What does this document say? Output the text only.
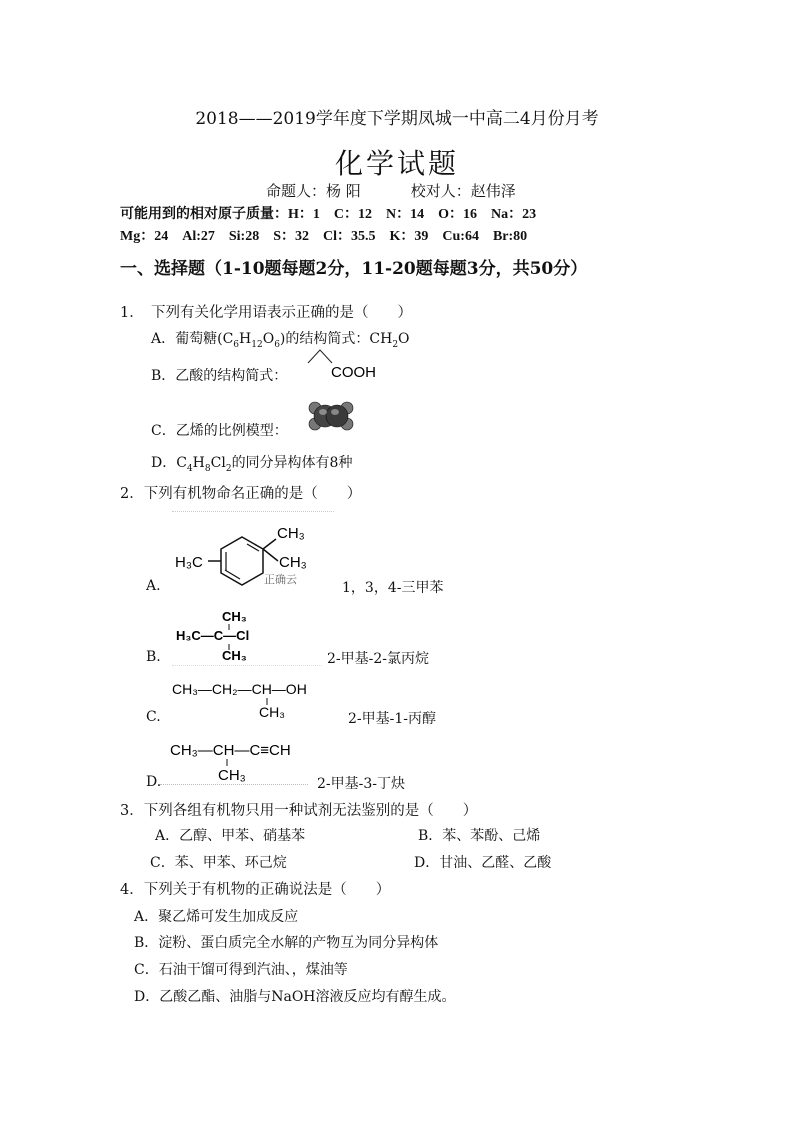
2018——2019学年度下学期凤城一中高二4月份月考
化学试题
命题人：杨 阳	校对人：赵伟泽
可能用到的相对原子质量：H：1　C：12　N：14　O：16　Na：23
Mg：24　Al:27　Si:28　S：32　Cl：35.5　K：39　Cu:64　Br:80
一、选择题（1-10题每题2分，11-20题每题3分，共50分）
1．　下列有关化学用语表示正确的是（　　）
A．葡萄糖$(C_6H_{12}O_6)$的结构简式：$CH_2O$
B．乙酸的结构简式：	COOH
C．乙烯的比例模型：
D．$C_4H_8Cl_2$的同分异构体有8种
2．下列有机物命名正确的是（　　）
H₃C
CH₃
CH₃
正确云
A.	1，3，4-三甲苯
CH₃
H₃C—C—Cl
CH₃
B.	2-甲基-2-氯丙烷
CH₃—CH₂—CH—OH
CH₃
C.	2-甲基-1-丙醇
CH₃—CH—C≡CH
CH₃
D.	2-甲基-3-丁炔
3．下列各组有机物只用一种试剂无法鉴别的是（　　）
A．乙醇、甲苯、硝基苯	B．苯、苯酚、己烯
C．苯、甲苯、环己烷	D．甘油、乙醛、乙酸
4．下列关于有机物的正确说法是（　　）
A．聚乙烯可发生加成反应
B．淀粉、蛋白质完全水解的产物互为同分异构体
C．石油干馏可得到汽油、，煤油等
D．乙酸乙酯、油脂与NaOH溶液反应均有醇生成。
